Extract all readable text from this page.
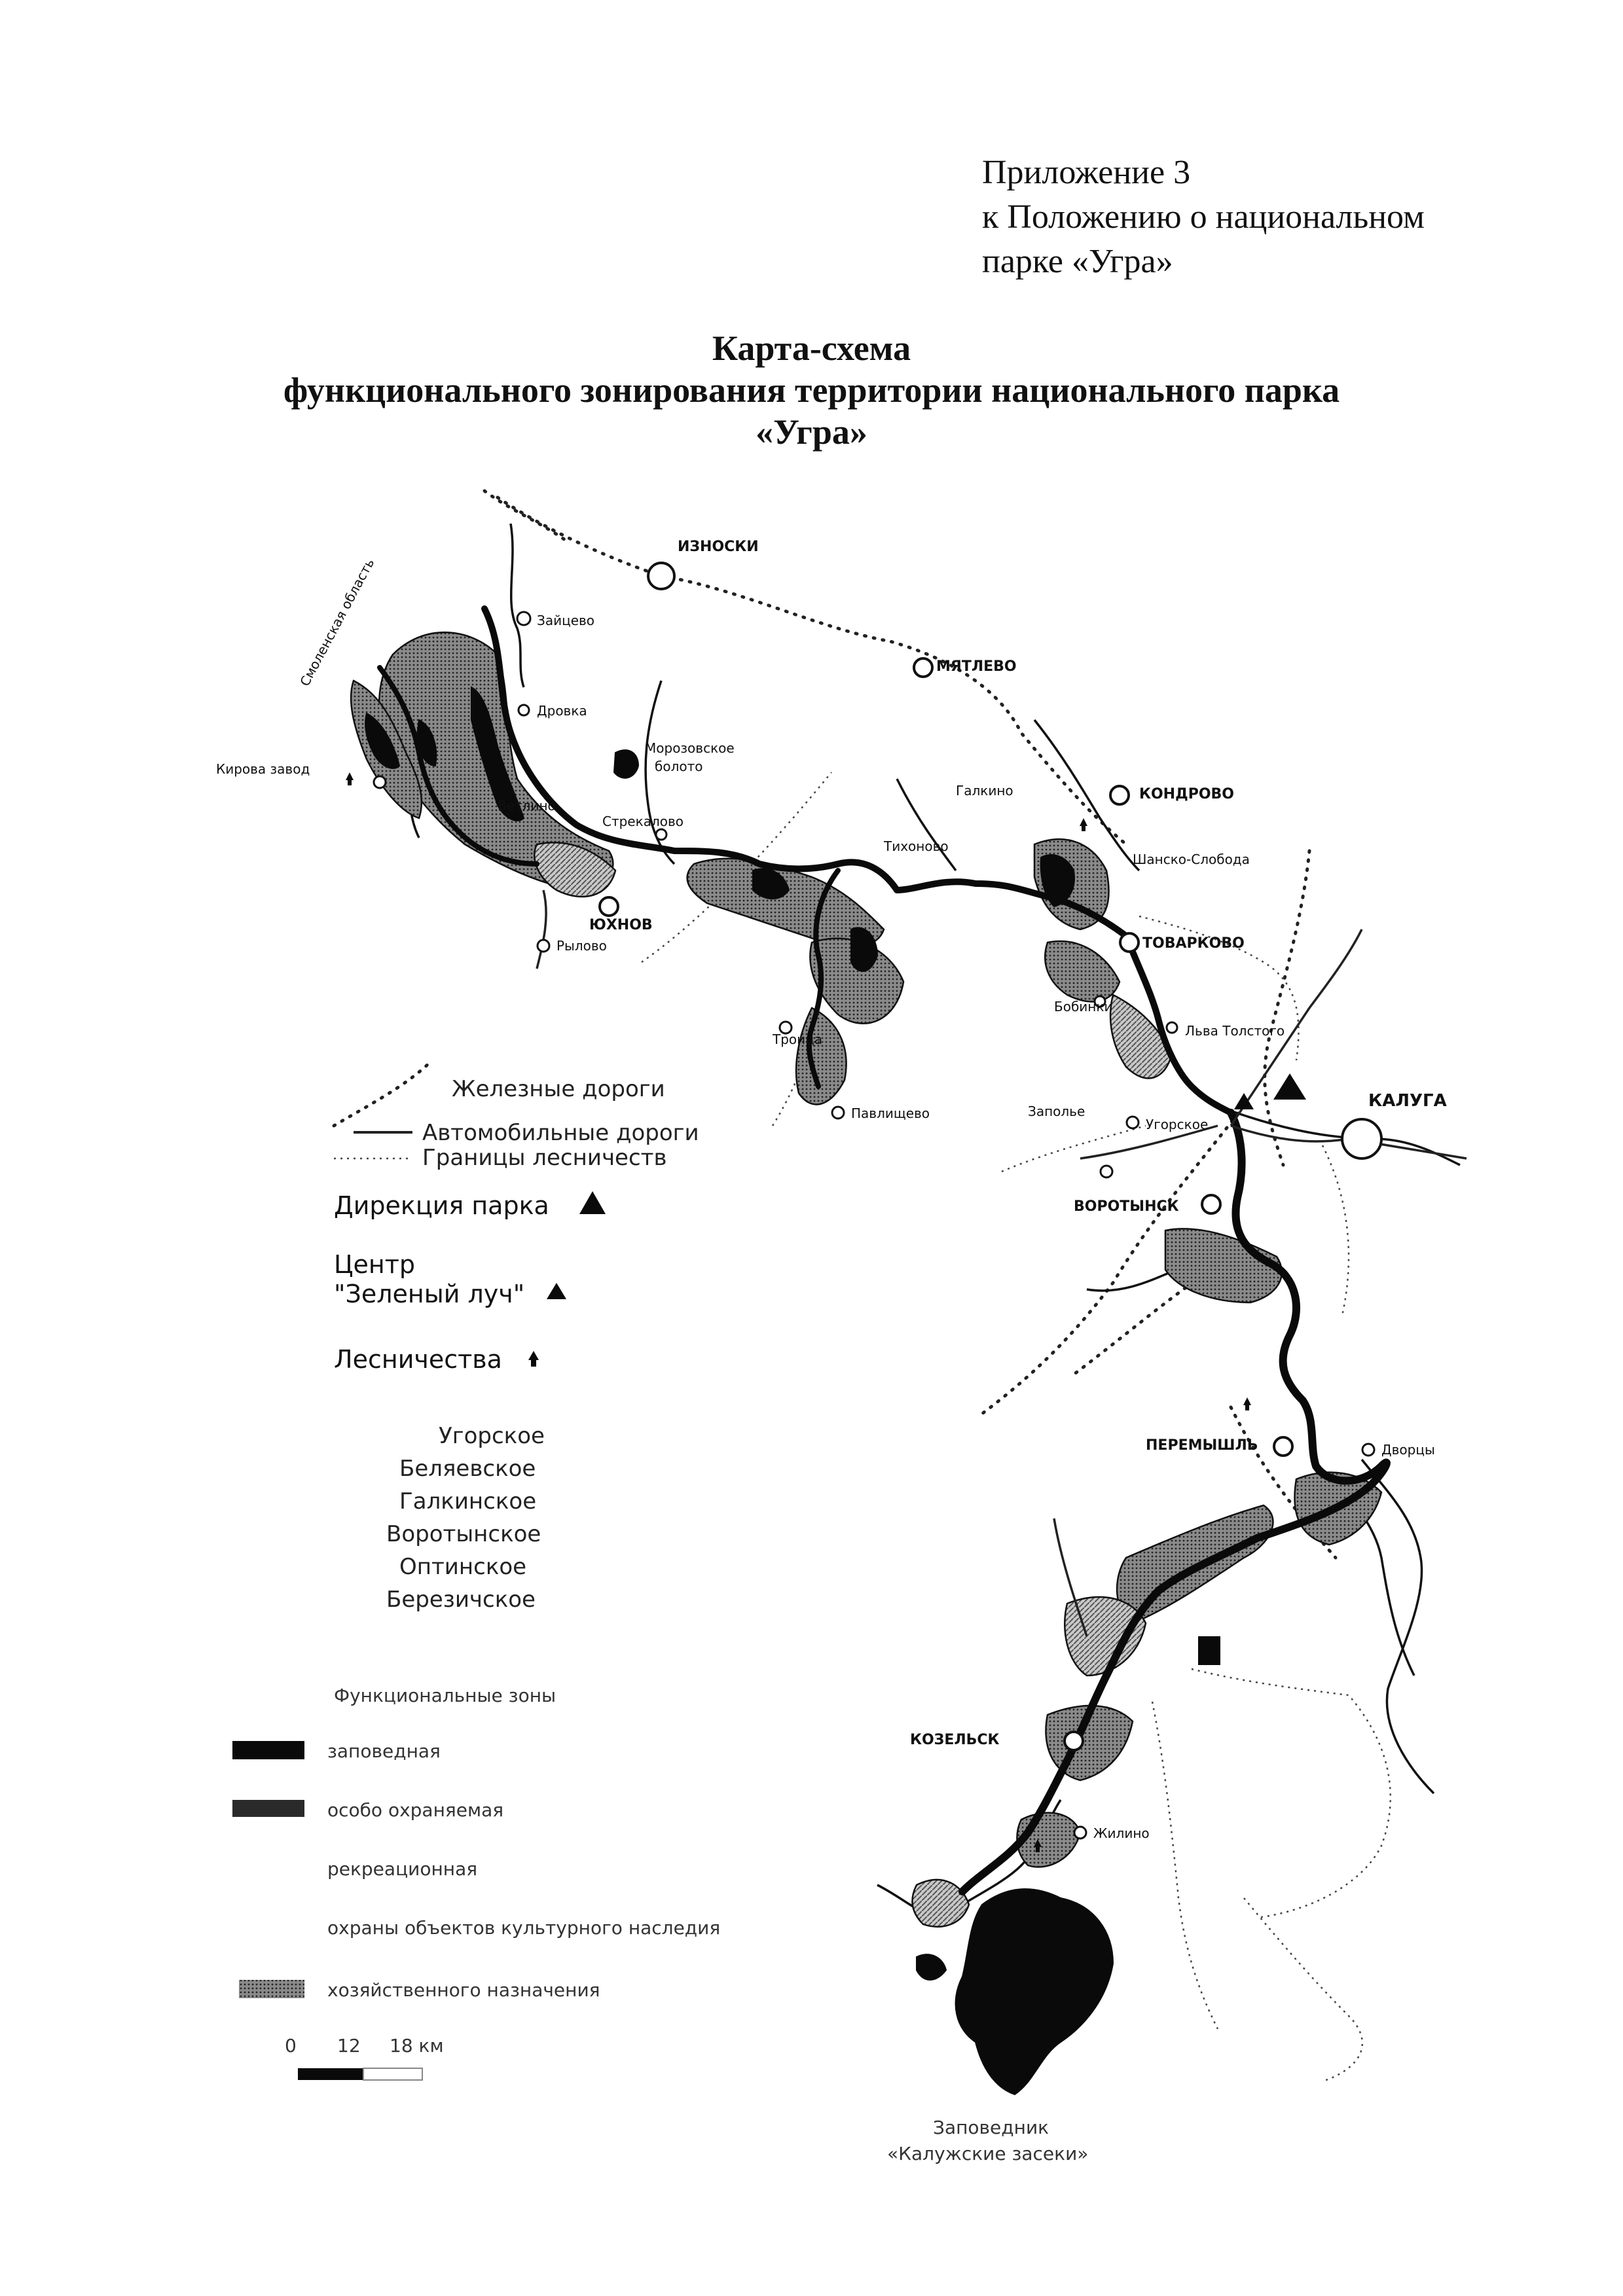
Приложение 3
к Положению о национальном
парке «Угра»
Карта-схема
функционального зонирования территории национального парка
«Угра»
Смоленская область
ИЗНОСКИ
МЯТЛЕВО
КОНДРОВО
ТОВАРКОВО
КАЛУГА
ЮХНОВ
ВОРОТЫНСК
ПЕРЕМЫШЛЬ
КОЗЕЛЬСК
Зайцево
Дровка
Кирова завод
Ветлино
Морозовское
болото
Стрекалово
Рылово
Галкино
Тихоново
Шанско-Слобода
Бобинки
Льва Толстого
Троица
Павлищево
Угорское
Заполье
Дворцы
Жилино
Заповедник
«Калужские засеки»
Железные дороги
Автомобильные дороги
Границы лесничеств
Дирекция парка
Центр
"Зеленый луч"
Лесничества
Угорское
Беляевское
Галкинское
Воротынское
Оптинское
Березичское
Функциональные зоны
заповедная
особо охраняемая
рекреационная
охраны объектов культурного наследия
хозяйственного назначения
0 12 18 км
